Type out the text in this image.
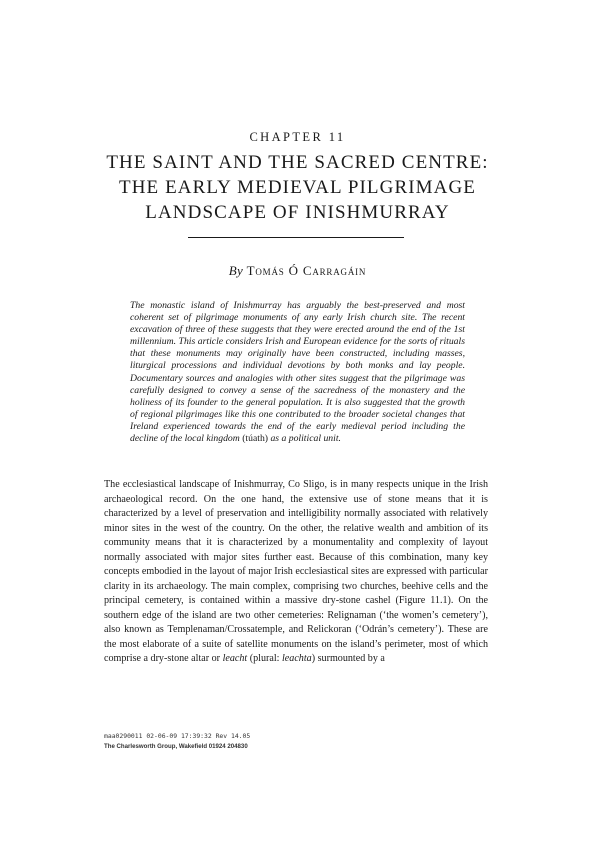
CHAPTER 11
THE SAINT AND THE SACRED CENTRE:
THE EARLY MEDIEVAL PILGRIMAGE
LANDSCAPE OF INISHMURRAY
By Tomás Ó Carragáin

The monastic island of Inishmurray has arguably the best-preserved and most coherent set of pilgrimage monuments of any early Irish church site. The recent excavation of three of these suggests that they were erected around the end of the 1st millennium. This article considers Irish and European evidence for the sorts of rituals that these monuments may originally have been constructed, including masses, liturgical processions and individual devotions by both monks and lay people. Documentary sources and analogies with other sites suggest that the pilgrimage was carefully designed to convey a sense of the sacredness of the monastery and the holiness of its founder to the general population. It is also suggested that the growth of regional pilgrimages like this one contributed to the broader societal changes that Ireland experienced towards the end of the early medieval period including the decline of the local kingdom (túath) as a political unit.

The ecclesiastical landscape of Inishmurray, Co Sligo, is in many respects unique in the Irish archaeological record. On the one hand, the extensive use of stone means that it is characterized by a level of preservation and intelligibility normally associated with relatively minor sites in the west of the country. On the other, the relative wealth and ambition of its community means that it is characterized by a monumentality and complexity of layout normally associated with major sites further east. Because of this combination, many key concepts embodied in the layout of major Irish ecclesiastical sites are expressed with particular clarity in its archaeology. The main complex, comprising two churches, beehive cells and the principal cemetery, is contained within a massive dry-stone cashel (Figure 11.1). On the southern edge of the island are two other cemeteries: Relignaman (‘the women’s cemetery’), also known as Templenaman/Crossatemple, and Relickoran (‘Odrán’s cemetery’). These are the most elaborate of a suite of satellite monuments on the island’s perimeter, most of which comprise a dry-stone altar or leacht (plural: leachta) surmounted by a

maa0290011 02-06-09 17:39:32 Rev 14.05
The Charlesworth Group, Wakefield 01924 204830
